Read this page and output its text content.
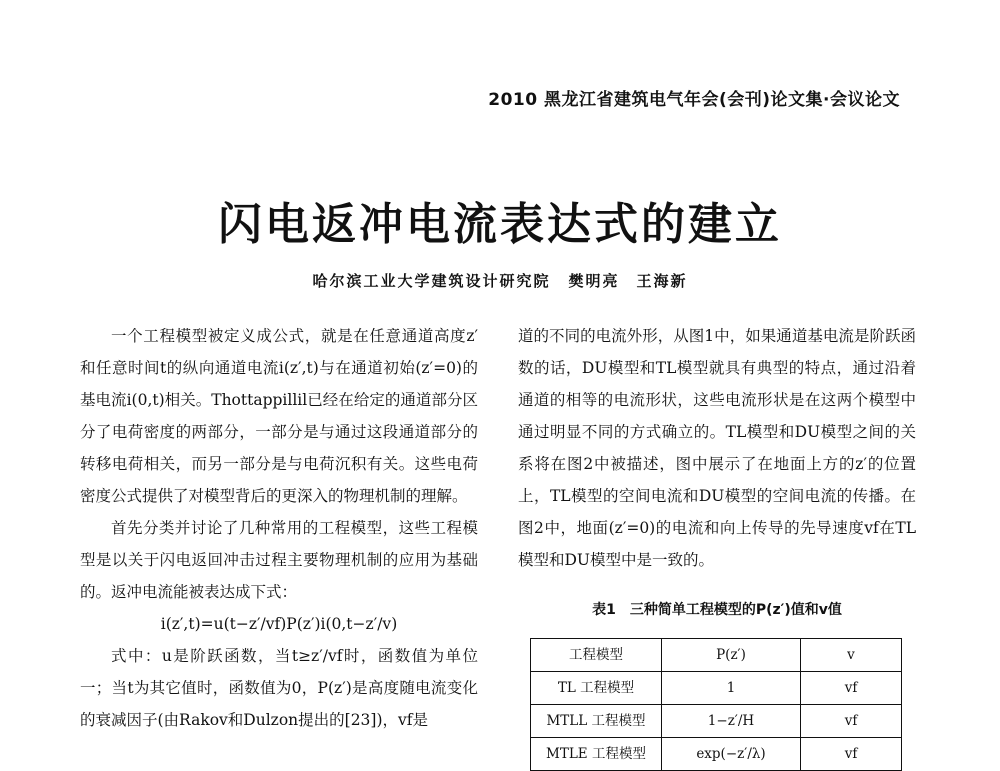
2010 黑龙江省建筑电气年会(会刊)论文集·会议论文
闪电返冲电流表达式的建立
哈尔滨工业大学建筑设计研究院 樊明亮　王海新

一个工程模型被定义成公式，就是在任意通道高度z′和任意时间t的纵向通道电流i(z′,t)与在通道初始(z′=0)的基电流i(0,t)相关。Thottappillil已经在给定的通道部分区分了电荷密度的两部分，一部分是与通过这段通道部分的转移电荷相关，而另一部分是与电荷沉积有关。这些电荷密度公式提供了对模型背后的更深入的物理机制的理解。

首先分类并讨论了几种常用的工程模型，这些工程模型是以关于闪电返回冲击过程主要物理机制的应用为基础的。返冲电流能被表达成下式：

i(z′,t)=u(t−z′/vf)P(z′)i(0,t−z′/v)

式中：u是阶跃函数，当t≥z′/vf时，函数值为单位一；当t为其它值时，函数值为0，P(z′)是高度随电流变化的衰减因子(由Rakov和Dulzon提出的[23])，vf是

道的不同的电流外形，从图1中，如果通道基电流是阶跃函数的话，DU模型和TL模型就具有典型的特点，通过沿着通道的相等的电流形状，这些电流形状是在这两个模型中通过明显不同的方式确立的。TL模型和DU模型之间的关系将在图2中被描述，图中展示了在地面上方的z′的位置上，TL模型的空间电流和DU模型的空间电流的传播。在图2中，地面(z′=0)的电流和向上传导的先导速度vf在TL模型和DU模型中是一致的。

表1　三种简单工程模型的P(z′)值和v值
工程模型	P(z′)	v
TL 工程模型	1	vf
MTLL 工程模型	1−z′/H	vf
MTLE 工程模型	exp(−z′/λ)	vf
